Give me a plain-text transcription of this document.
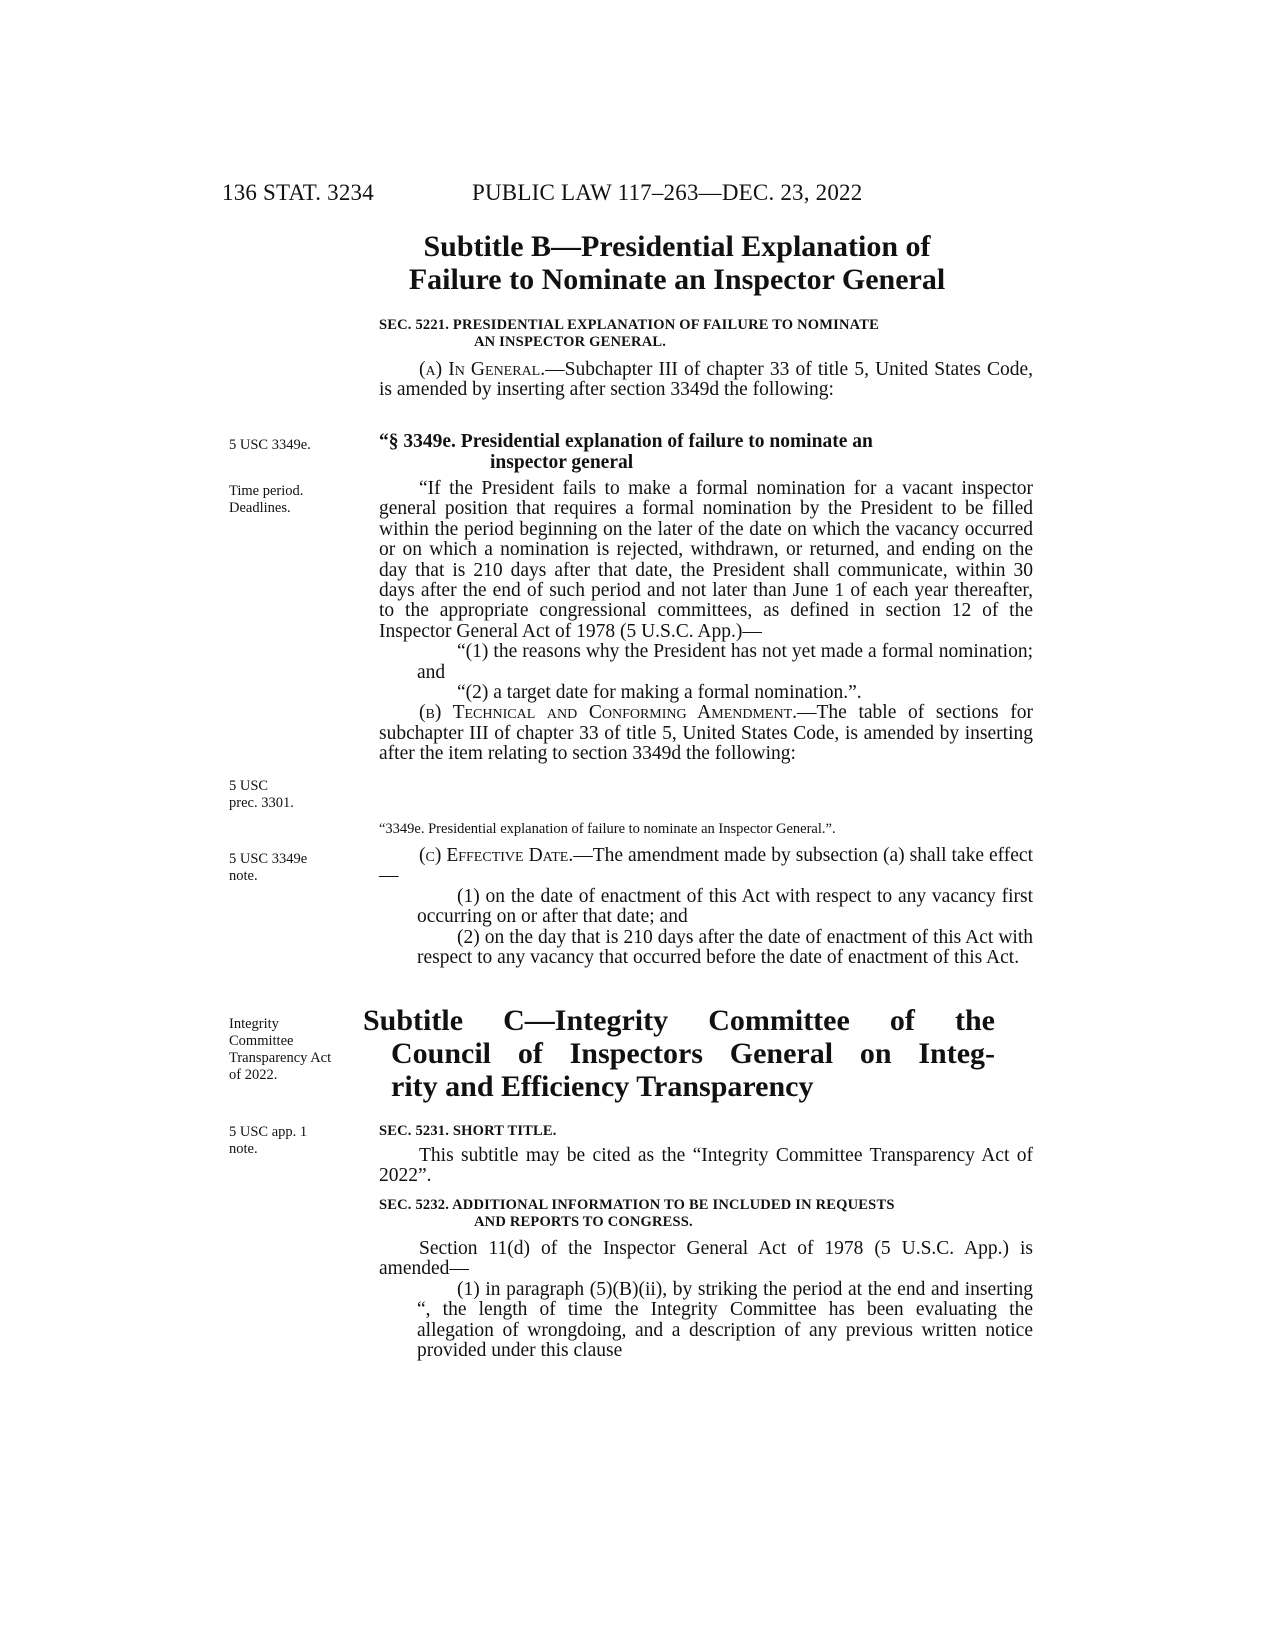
136 STAT. 3234	PUBLIC LAW 117–263—DEC. 23, 2022
Subtitle B—Presidential Explanation of
Failure to Nominate an Inspector General
SEC. 5221. PRESIDENTIAL EXPLANATION OF FAILURE TO NOMINATE
AN INSPECTOR GENERAL.

(a) In General.—Subchapter III of chapter 33 of title 5, United States Code, is amended by inserting after section 3349d the following:

5 USC 3349e.	“§ 3349e. Presidential explanation of failure to nominate an
inspector general
Time period.
Deadlines.

“If the President fails to make a formal nomination for a vacant inspector general position that requires a formal nomination by the President to be filled within the period beginning on the later of the date on which the vacancy occurred or on which a nomination is rejected, withdrawn, or returned, and ending on the day that is 210 days after that date, the President shall communicate, within 30 days after the end of such period and not later than June 1 of each year thereafter, to the appropriate congressional committees, as defined in section 12 of the Inspector General Act of 1978 (5 U.S.C. App.)—

“(1) the reasons why the President has not yet made a formal nomination; and

“(2) a target date for making a formal nomination.”.

(b) Technical and Conforming Amendment.—The table of sections for subchapter III of chapter 33 of title 5, United States Code, is amended by inserting after the item relating to section 3349d the following:

5 USC
prec. 3301.
“3349e. Presidential explanation of failure to nominate an Inspector General.”.
5 USC 3349e
note.

(c) Effective Date.—The amendment made by subsection (a) shall take effect—

(1) on the date of enactment of this Act with respect to any vacancy first occurring on or after that date; and

(2) on the day that is 210 days after the date of enactment of this Act with respect to any vacancy that occurred before the date of enactment of this Act.

Integrity
Committee
Transparency Act
of 2022.
Subtitle C—Integrity Committee of the
Council of Inspectors General on Integ-
rity and Efficiency Transparency
5 USC app. 1
note.
SEC. 5231. SHORT TITLE.

This subtitle may be cited as the “Integrity Committee Transparency Act of 2022”.

SEC. 5232. ADDITIONAL INFORMATION TO BE INCLUDED IN REQUESTS
AND REPORTS TO CONGRESS.

Section 11(d) of the Inspector General Act of 1978 (5 U.S.C. App.) is amended—

(1) in paragraph (5)(B)(ii), by striking the period at the end and inserting “, the length of time the Integrity Committee has been evaluating the allegation of wrongdoing, and a description of any previous written notice provided under this clause
